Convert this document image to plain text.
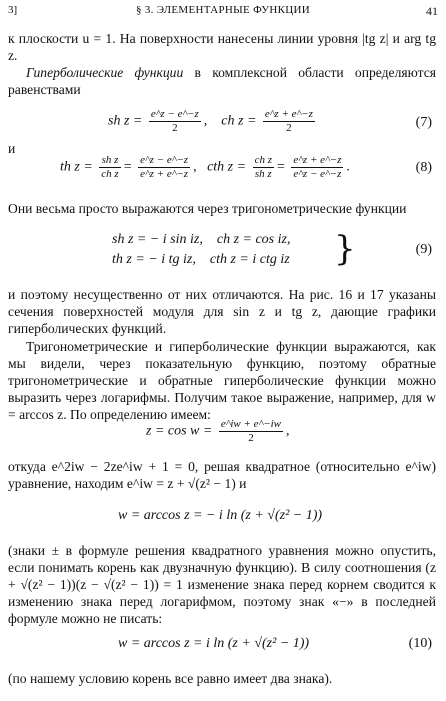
3]	§ 3. ЭЛЕМЕНТАРНЫЕ ФУНКЦИИ	41
к плоскости u = 1. На поверхности нанесены линии уровня |tg z| и arg tg z.
Гиперболические функции в комплексной области определяются равенствами
sh $z = \frac{e\^{}z - e\^{}-z}{2}$ ,    ch $z = \frac{e\^{}z + e\^{}-z}{2}$	(7)
и
th $z = \frac{\text{sh z}}{\text{ch z}} = \frac{e\^{}z - e\^{}-z}{e\^{}z + e\^{}-z}$ ,   cth $z = \frac{\text{ch z}}{\text{sh z}} = \frac{e\^{}z + e\^{}-z}{e\^{}z - e\^{}-z}$ .	(8)
Они весьма просто выражаются через тригонометрические функции
sh z = − i sin iz, ch z = cos iz,
th z = − i tg iz, cth z = i ctg iz }	(9)
и поэтому несущественно от них отличаются. На рис. 16 и 17 указаны сечения поверхностей модуля для sin z и tg z, дающие графики гиперболических функций.
Тригонометрические и гиперболические функции выражаются, как мы видели, через показательную функцию, поэтому обратные тригонометрические и обратные гиперболические функции можно выразить через логарифмы. Получим такое выражение, например, для w = arccos z. По определению имеем:
$z = \cos w = \frac{e\^{}iw + e\^{}-iw}{2}$ ,
откуда e^2iw − 2ze^iw + 1 = 0, решая квадратное (относительно e^iw) уравнение, находим e^iw = z + √(z² − 1) и
w = arccos z = − i ln (z + √(z² − 1))
(знаки ± в формуле решения квадратного уравнения можно опустить, если понимать корень как двузначную функцию). В силу соотношения (z + √(z² − 1))(z − √(z² − 1)) = 1 изменение знака перед корнем сводится к изменению знака перед логарифмом, поэтому знак «−» в последней формуле можно не писать:
w = arccos z = i ln (z + √(z² − 1))	(10)
(по нашему условию корень все равно имеет два знака).
